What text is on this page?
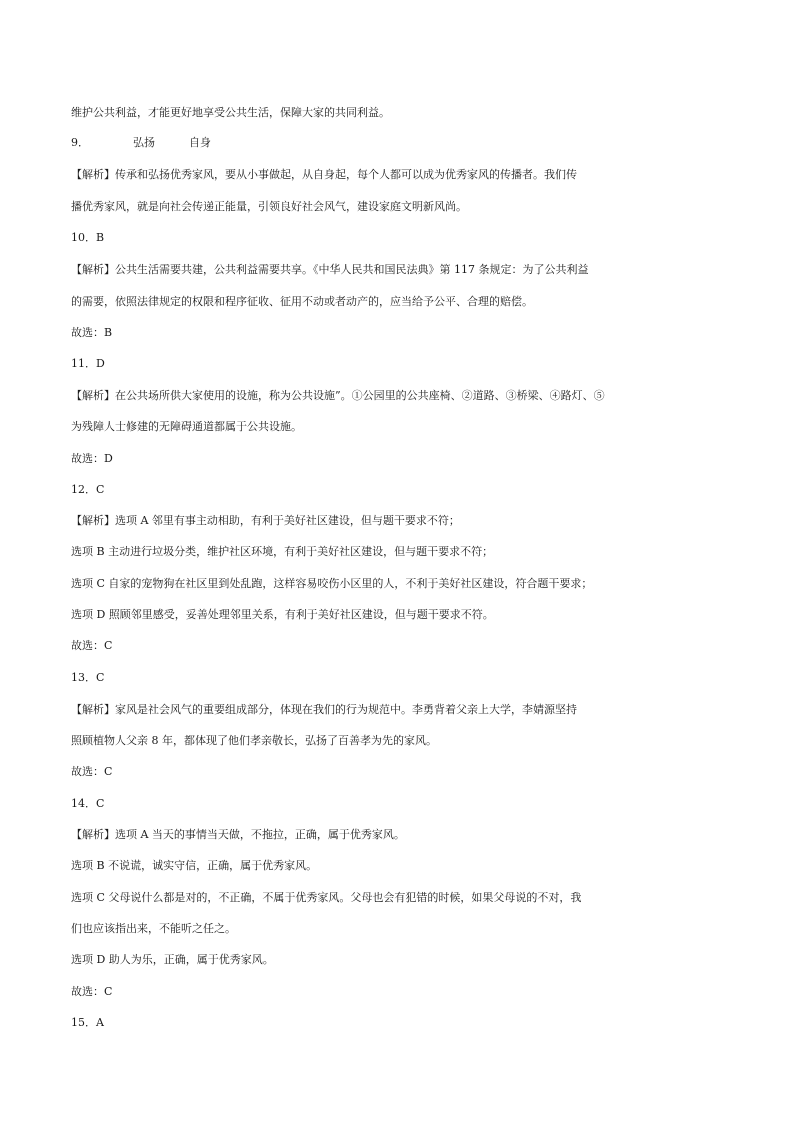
维护公共利益，才能更好地享受公共生活，保障大家的共同利益。
9．	弘扬	自身
【解析】传承和弘扬优秀家风，要从小事做起，从自身起，每个人都可以成为优秀家风的传播者。我们传
播优秀家风，就是向社会传递正能量，引领良好社会风气，建设家庭文明新风尚。
10．B
【解析】公共生活需要共建，公共利益需要共享。《中华人民共和国民法典》第 117 条规定：为了公共利益
的需要，依照法律规定的权限和程序征收、征用不动或者动产的，应当给予公平、合理的赔偿。
故选：B
11．D
【解析】在公共场所供大家使用的设施，称为公共设施”。①公园里的公共座椅、②道路、③桥梁、④路灯、⑤
为残障人士修建的无障碍通道都属于公共设施。
故选：D
12．C
【解析】选项 A 邻里有事主动相助，有利于美好社区建设，但与题干要求不符；
选项 B 主动进行垃圾分类，维护社区环境，有利于美好社区建设，但与题干要求不符；
选项 C 自家的宠物狗在社区里到处乱跑，这样容易咬伤小区里的人，不利于美好社区建设，符合题干要求；
选项 D 照顾邻里感受，妥善处理邻里关系，有利于美好社区建设，但与题干要求不符。
故选：C
13．C
【解析】家风是社会风气的重要组成部分，体现在我们的行为规范中。李勇背着父亲上大学，李婧源坚持
照顾植物人父亲 8 年，都体现了他们孝亲敬长，弘扬了百善孝为先的家风。
故选：C
14．C
【解析】选项 A 当天的事情当天做，不拖拉，正确，属于优秀家风。
选项 B 不说谎，诚实守信，正确，属于优秀家风。
选项 C 父母说什么都是对的，不正确，不属于优秀家风。父母也会有犯错的时候，如果父母说的不对，我
们也应该指出来，不能听之任之。
选项 D 助人为乐，正确，属于优秀家风。
故选：C
15．A
